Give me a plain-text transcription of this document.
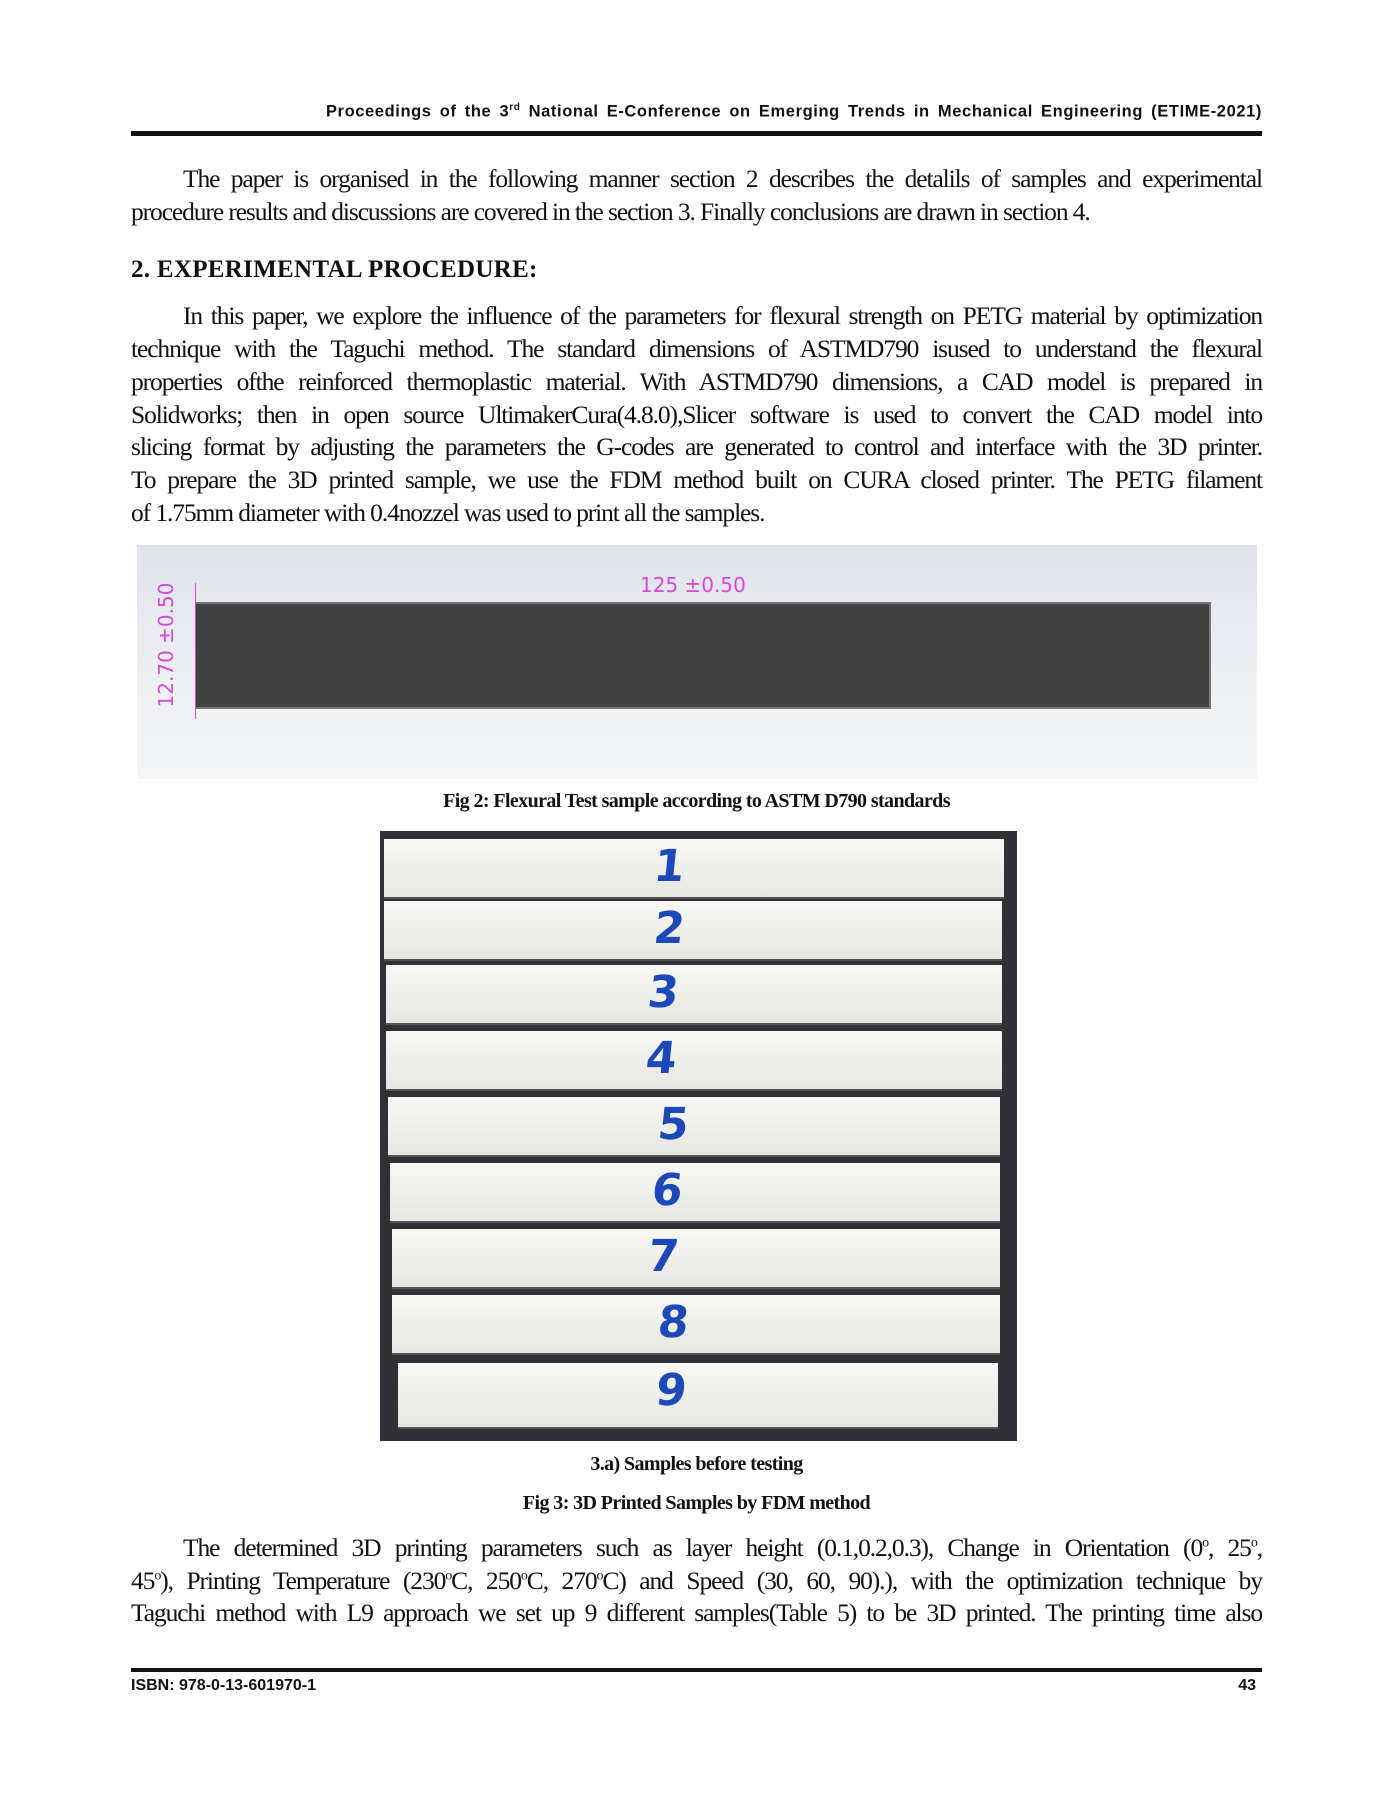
Proceedings of the 3rd National E-Conference on Emerging Trends in Mechanical Engineering (ETIME-2021)
The paper is organised in the following manner section 2 describes the detalils of samples and experimental
procedure results and discussions are covered in the section 3. Finally conclusions are drawn in section 4.
2. EXPERIMENTAL PROCEDURE:
In this paper, we explore the influence of the parameters for flexural strength on PETG material by optimization
technique with the Taguchi method. The standard dimensions of ASTMD790 isused to understand the flexural
properties ofthe reinforced thermoplastic material. With ASTMD790 dimensions, a CAD model is prepared in
Solidworks; then in open source UltimakerCura(4.8.0),Slicer software is used to convert the CAD model into
slicing format by adjusting the parameters the G-codes are generated to control and interface with the 3D printer.
To prepare the 3D printed sample, we use the FDM method built on CURA closed printer. The PETG filament
of 1.75mm diameter with 0.4nozzel was used to print all the samples.
125 ±0.50
12.70 ±0.50
Fig 2: Flexural Test sample according to ASTM D790 standards
1
2
3
4
5
6
7
8
9
3.a) Samples before testing
Fig 3: 3D Printed Samples by FDM method
The determined 3D printing parameters such as layer height (0.1,0.2,0.3), Change in Orientation (0$^o$, 25$^o$,
45$^o$), Printing Temperature (230$^o$C, 250$^o$C, 270$^o$C) and Speed (30, 60, 90).), with the optimization technique by
Taguchi method with L9 approach we set up 9 different samples(Table 5) to be 3D printed. The printing time also
ISBN: 978-0-13-601970-1	43
